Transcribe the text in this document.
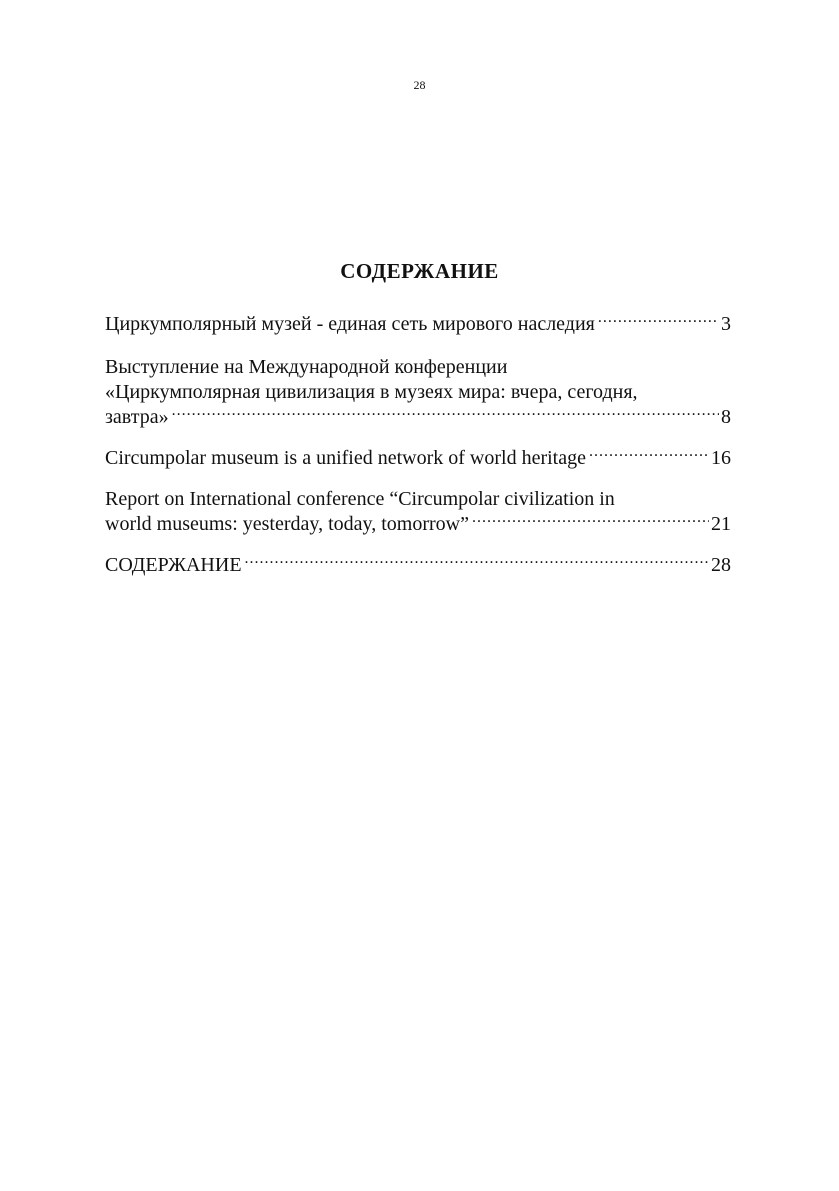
28
СОДЕРЖАНИЕ
Циркумполярный музей - единая сеть мирового наследия .....	3
Выступление на Международной конференции
«Циркумполярная цивилизация в музеях мира: вчера, сегодня,
завтра» .....	8
Circumpolar museum is a unified network of world heritage .....	16
Report on International conference “Circumpolar civilization in
world museums: yesterday, today, tomorrow” .....	21
СОДЕРЖАНИЕ .....	28
